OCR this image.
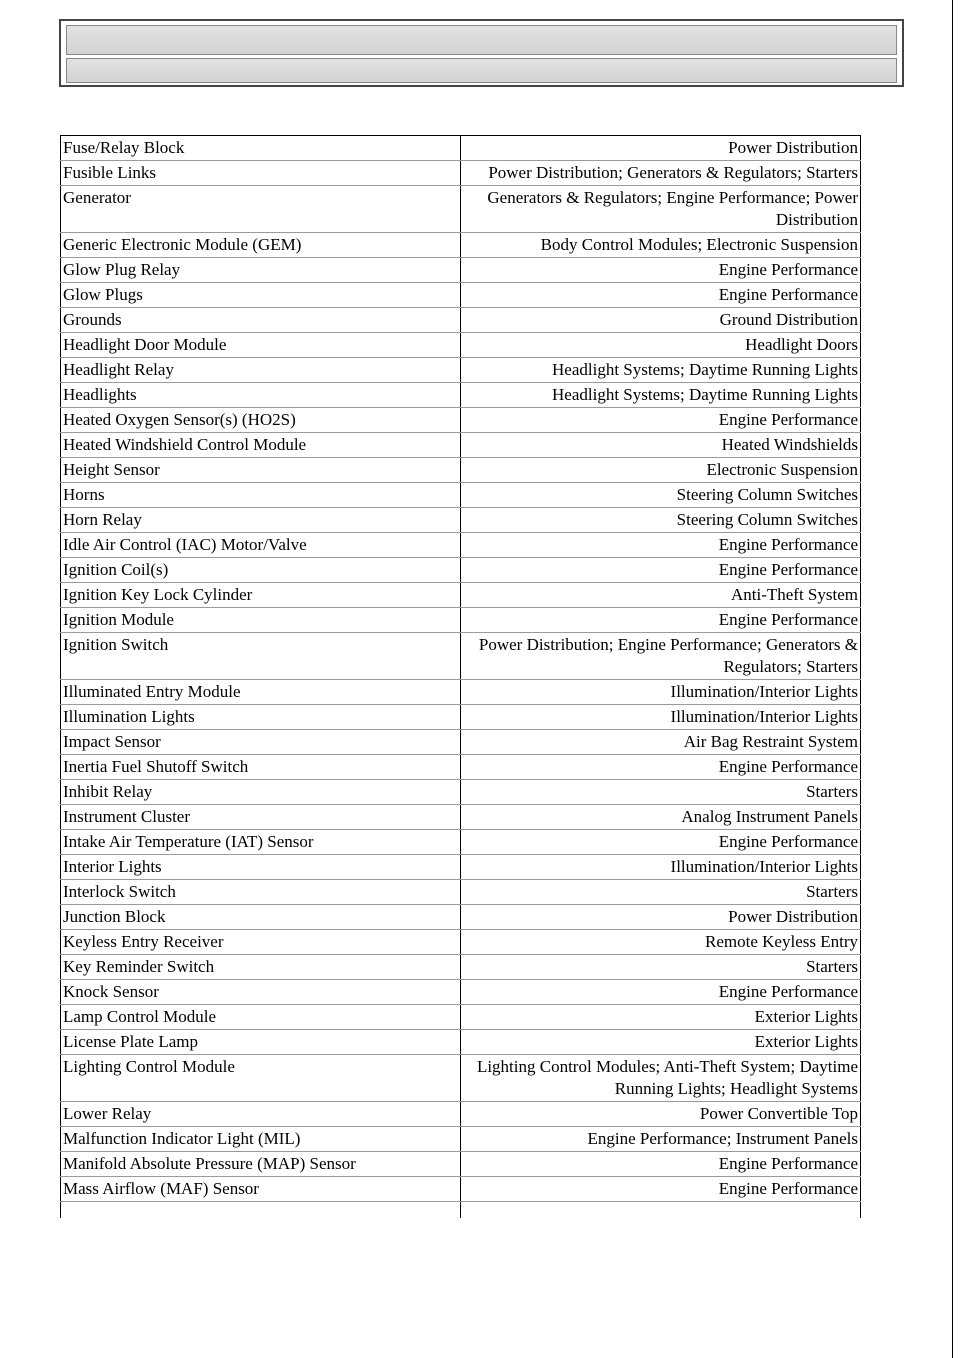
Fuse/Relay Block	Power Distribution
Fusible Links	Power Distribution; Generators & Regulators; Starters
Generator	Generators & Regulators; Engine Performance; Power Distribution
Generic Electronic Module (GEM)	Body Control Modules; Electronic Suspension
Glow Plug Relay	Engine Performance
Glow Plugs	Engine Performance
Grounds	Ground Distribution
Headlight Door Module	Headlight Doors
Headlight Relay	Headlight Systems; Daytime Running Lights
Headlights	Headlight Systems; Daytime Running Lights
Heated Oxygen Sensor(s) (HO2S)	Engine Performance
Heated Windshield Control Module	Heated Windshields
Height Sensor	Electronic Suspension
Horns	Steering Column Switches
Horn Relay	Steering Column Switches
Idle Air Control (IAC) Motor/Valve	Engine Performance
Ignition Coil(s)	Engine Performance
Ignition Key Lock Cylinder	Anti-Theft System
Ignition Module	Engine Performance
Ignition Switch	Power Distribution; Engine Performance; Generators & Regulators; Starters
Illuminated Entry Module	Illumination/Interior Lights
Illumination Lights	Illumination/Interior Lights
Impact Sensor	Air Bag Restraint System
Inertia Fuel Shutoff Switch	Engine Performance
Inhibit Relay	Starters
Instrument Cluster	Analog Instrument Panels
Intake Air Temperature (IAT) Sensor	Engine Performance
Interior Lights	Illumination/Interior Lights
Interlock Switch	Starters
Junction Block	Power Distribution
Keyless Entry Receiver	Remote Keyless Entry
Key Reminder Switch	Starters
Knock Sensor	Engine Performance
Lamp Control Module	Exterior Lights
License Plate Lamp	Exterior Lights
Lighting Control Module	Lighting Control Modules; Anti-Theft System; Daytime Running Lights; Headlight Systems
Lower Relay	Power Convertible Top
Malfunction Indicator Light (MIL)	Engine Performance; Instrument Panels
Manifold Absolute Pressure (MAP) Sensor	Engine Performance
Mass Airflow (MAF) Sensor	Engine Performance
